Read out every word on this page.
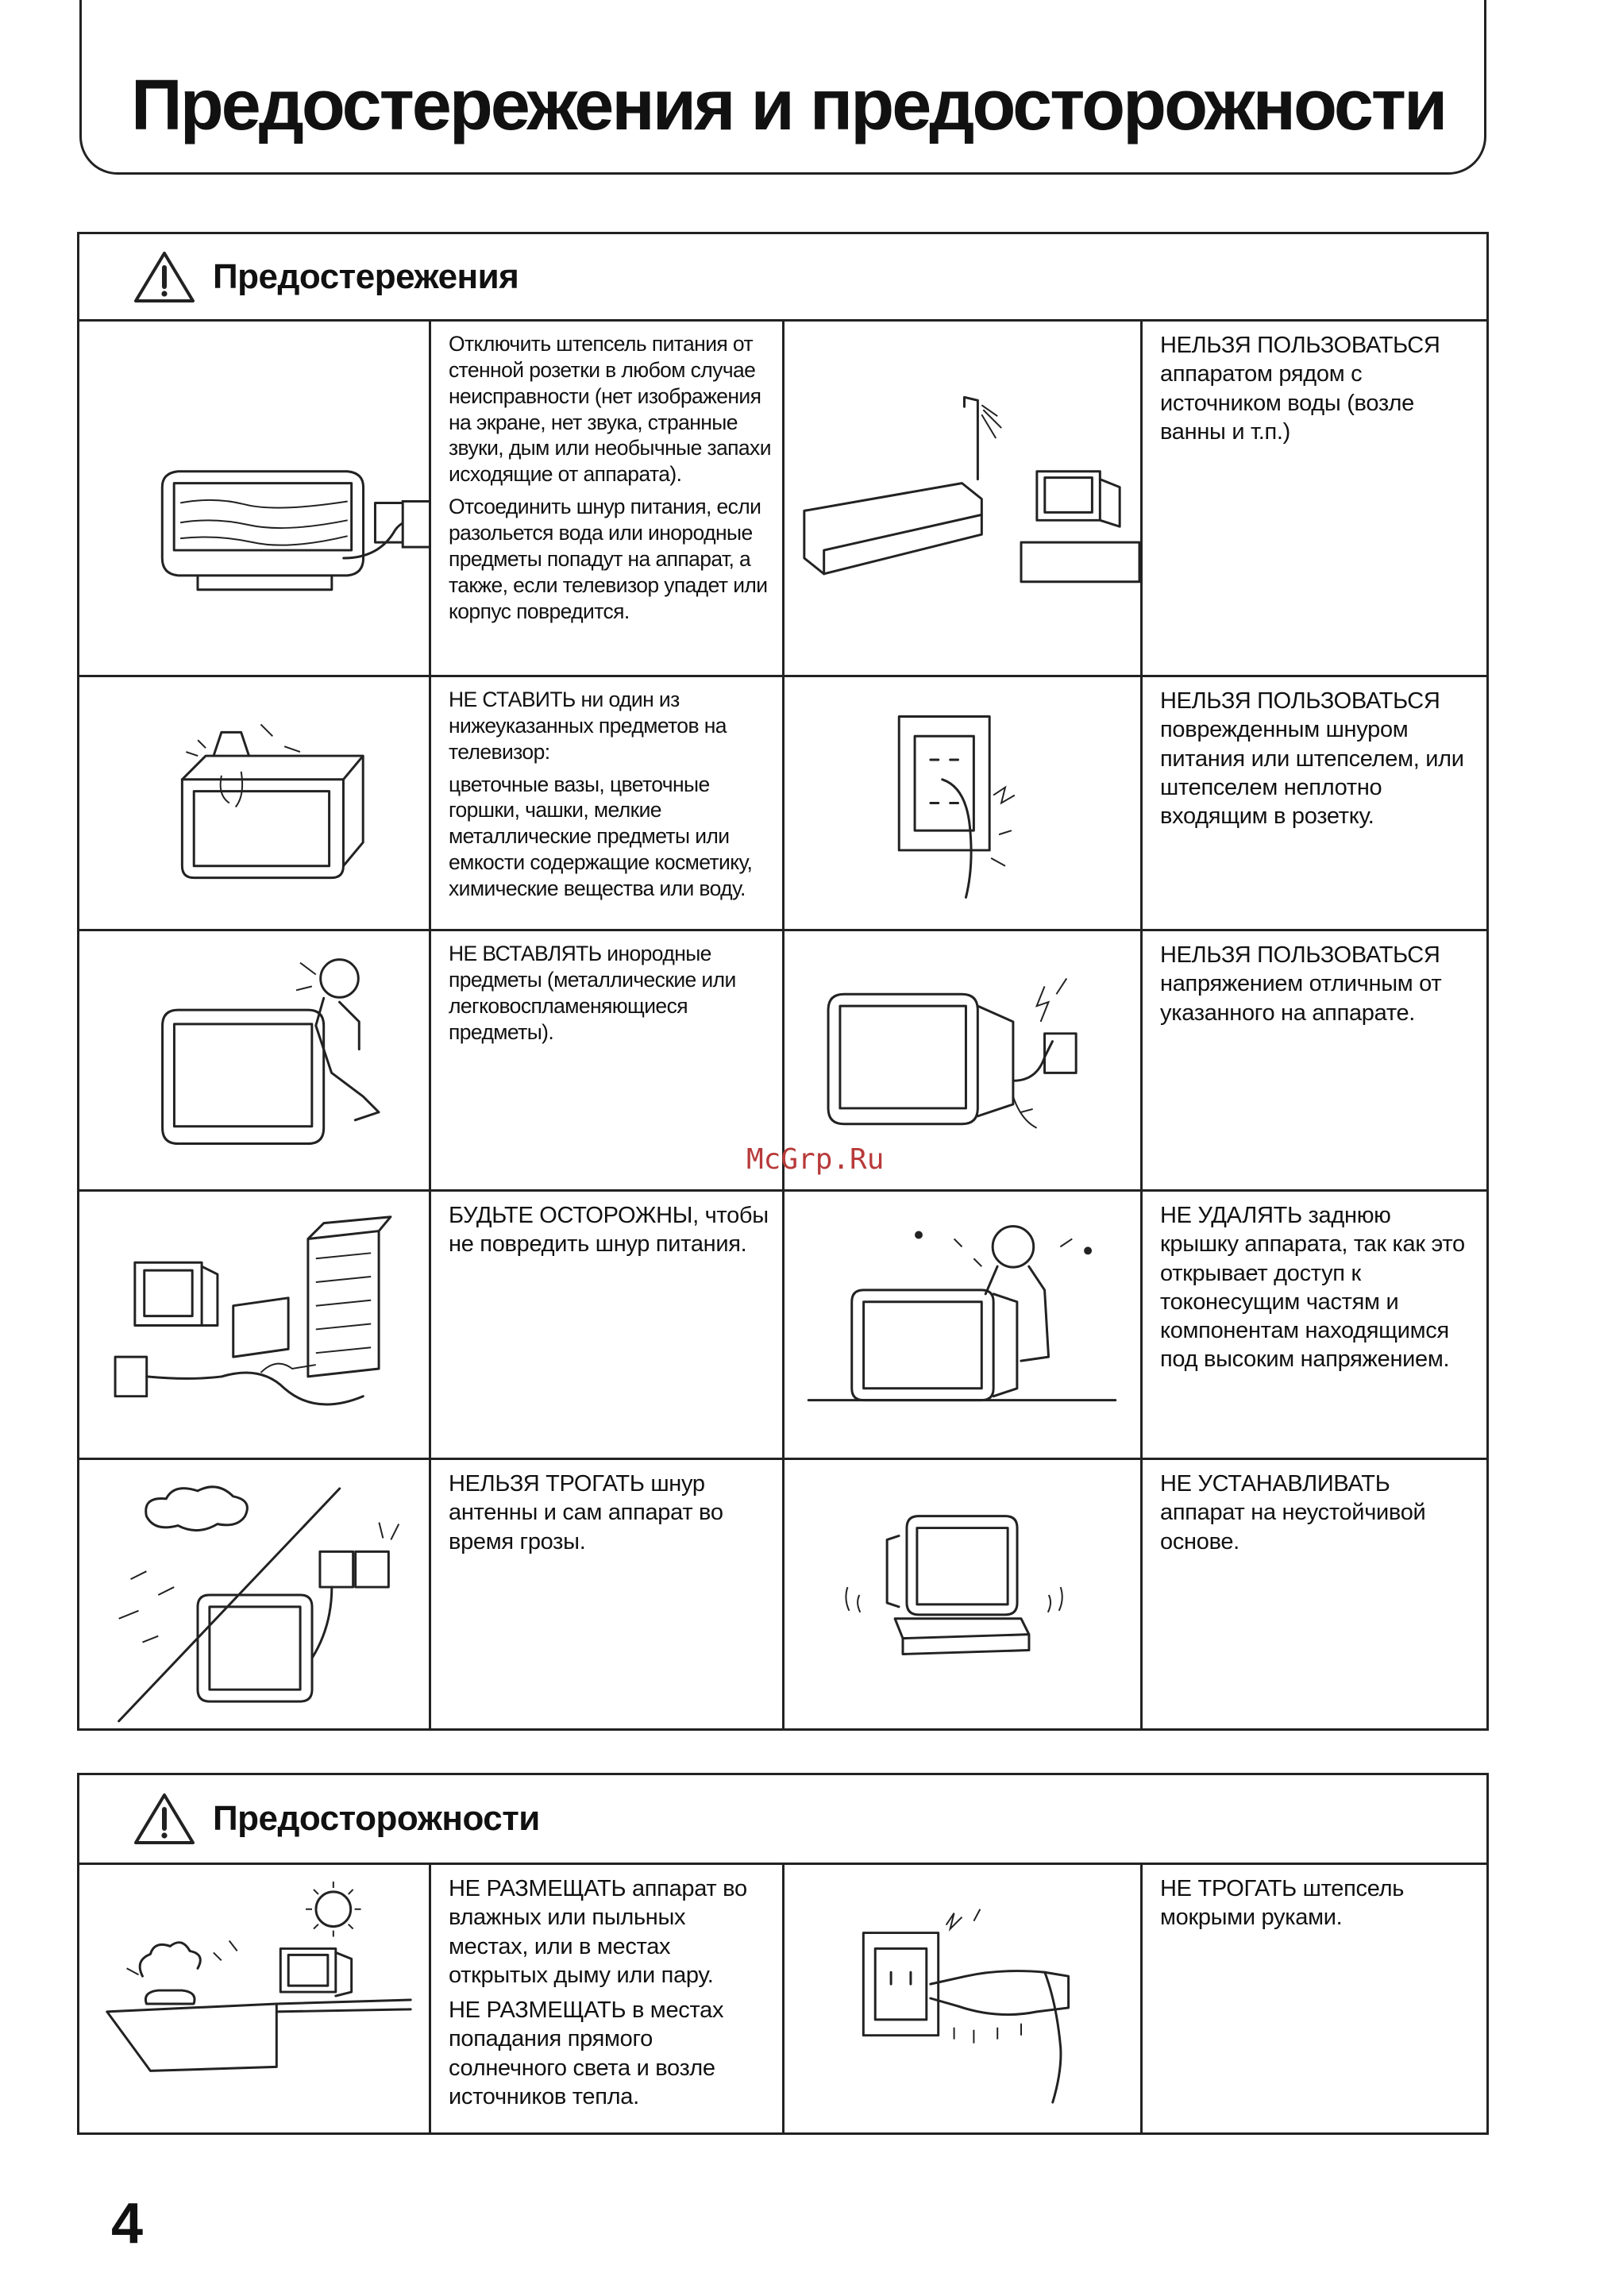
Предостережения и предосторожности
Предостережения

Отключить штепсель питания от стенной розетки в любом случае неисправности (нет изображения на экране, нет звука, странные звуки, дым или необычные запахи исходящие от аппарата).

Отсоединить шнур питания, если разольется вода или инородные предметы попадут на аппарат, а также, если телевизор упадет или корпус повредится.

НЕЛЬЗЯ ПОЛЬЗОВАТЬСЯ аппаратом рядом с источником воды (возле ванны и т.п.)

НЕ СТАВИТЬ ни один из нижеуказанных предметов на телевизор:

цветочные вазы, цветочные горшки, чашки, мелкие металлические предметы или емкости содержащие косметику, химические вещества или воду.

НЕЛЬЗЯ ПОЛЬЗОВАТЬСЯ поврежденным шнуром питания или штепселем, или штепселем неплотно входящим в розетку.

НЕ ВСТАВЛЯТЬ инородные предметы (металлические или легковоспламеняющиеся предметы).

НЕЛЬЗЯ ПОЛЬЗОВАТЬСЯ напряжением отличным от указанного на аппарате.

БУДЬТЕ ОСТОРОЖНЫ, чтобы не повредить шнур питания.

НЕ УДАЛЯТЬ заднюю крышку аппарата, так как это открывает доступ к токонесущим частям и компонентам находящимся под высоким напряжением.

НЕЛЬЗЯ ТРОГАТЬ шнур антенны и сам аппарат во время грозы.

НЕ УСТАНАВЛИВАТЬ аппарат на неустойчивой основе.

Предосторожности

НЕ РАЗМЕЩАТЬ аппарат во влажных или пыльных местах, или в местах открытых дыму или пару.

НЕ РАЗМЕЩАТЬ в местах попадания прямого солнечного света и возле источников тепла.

НЕ ТРОГАТЬ штепсель мокрыми руками.

McGrp.Ru
4
